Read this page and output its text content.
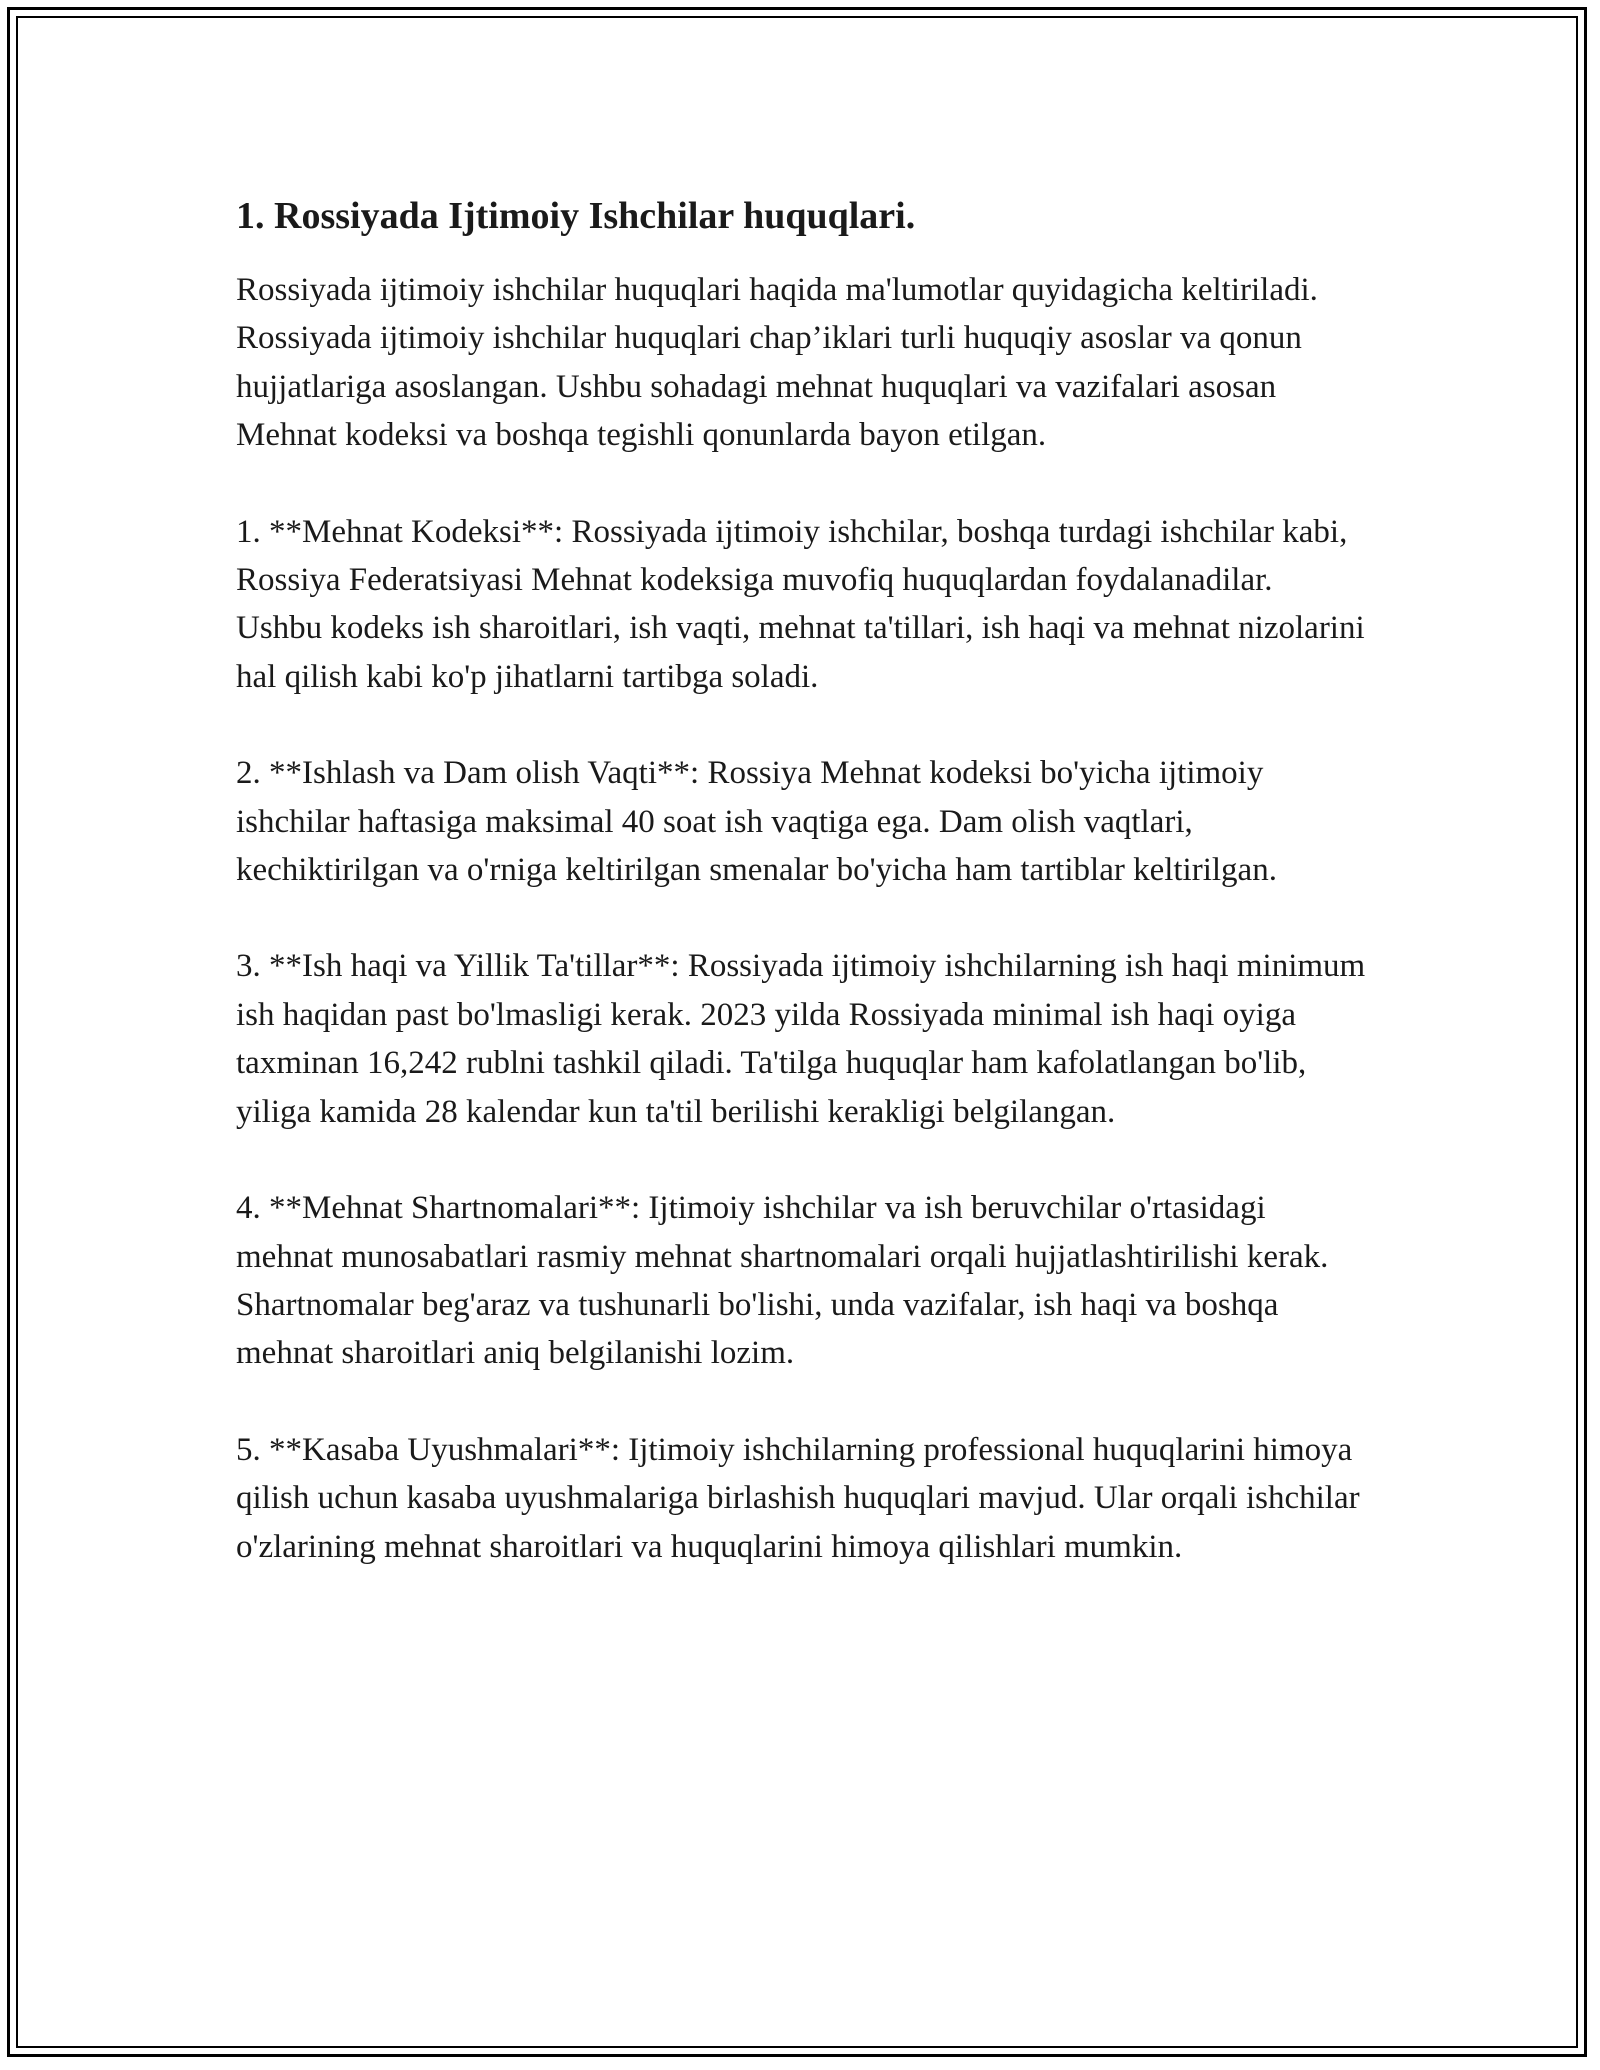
1. Rossiyada Ijtimoiy Ishchilar huquqlari.

Rossiyada ijtimoiy ishchilar huquqlari haqida ma'lumotlar quyidagicha keltiriladi. Rossiyada ijtimoiy ishchilar huquqlari chap’iklari turli huquqiy asoslar va qonun hujjatlariga asoslangan. Ushbu sohadagi mehnat huquqlari va vazifalari asosan Mehnat kodeksi va boshqa tegishli qonunlarda bayon etilgan.

1. **Mehnat Kodeksi**: Rossiyada ijtimoiy ishchilar, boshqa turdagi ishchilar kabi, Rossiya Federatsiyasi Mehnat kodeksiga muvofiq huquqlardan foydalanadilar. Ushbu kodeks ish sharoitlari, ish vaqti, mehnat ta'tillari, ish haqi va mehnat nizolarini hal qilish kabi ko'p jihatlarni tartibga soladi.

2. **Ishlash va Dam olish Vaqti**: Rossiya Mehnat kodeksi bo'yicha ijtimoiy ishchilar haftasiga maksimal 40 soat ish vaqtiga ega. Dam olish vaqtlari, kechiktirilgan va o'rniga keltirilgan smenalar bo'yicha ham tartiblar keltirilgan.

3. **Ish haqi va Yillik Ta'tillar**: Rossiyada ijtimoiy ishchilarning ish haqi minimum ish haqidan past bo'lmasligi kerak. 2023 yilda Rossiyada minimal ish haqi oyiga taxminan 16,242 rublni tashkil qiladi. Ta'tilga huquqlar ham kafolatlangan bo'lib, yiliga kamida 28 kalendar kun ta'til berilishi kerakligi belgilangan.

4. **Mehnat Shartnomalari**: Ijtimoiy ishchilar va ish beruvchilar o'rtasidagi mehnat munosabatlari rasmiy mehnat shartnomalari orqali hujjatlashtirilishi kerak. Shartnomalar beg'araz va tushunarli bo'lishi, unda vazifalar, ish haqi va boshqa mehnat sharoitlari aniq belgilanishi lozim.

5. **Kasaba Uyushmalari**: Ijtimoiy ishchilarning professional huquqlarini himoya qilish uchun kasaba uyushmalariga birlashish huquqlari mavjud. Ular orqali ishchilar o'zlarining mehnat sharoitlari va huquqlarini himoya qilishlari mumkin.
